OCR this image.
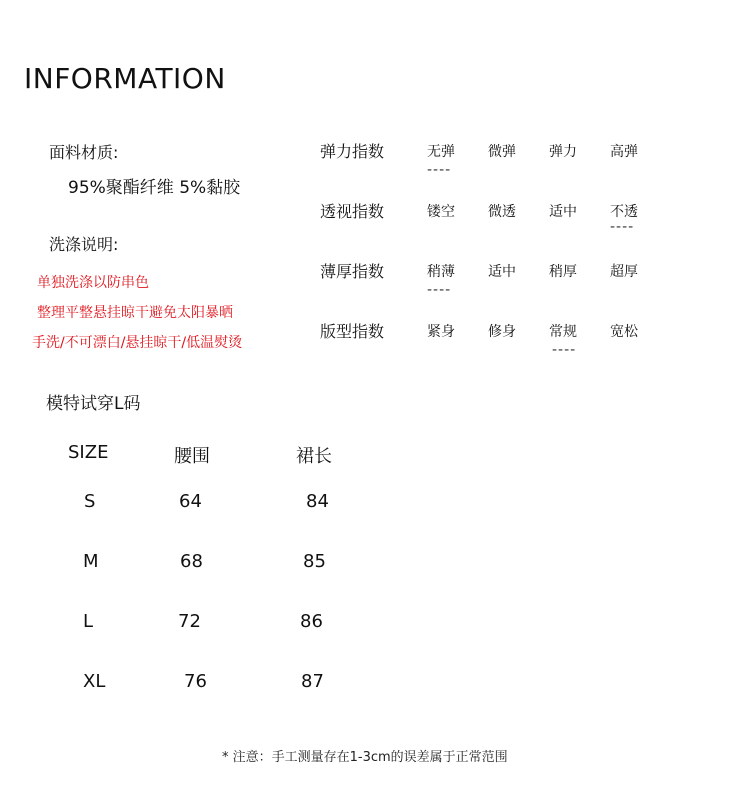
INFORMATION
面料材质:
95%聚酯纤维 5%黏胶
洗涤说明:
单独洗涤以防串色
整理平整悬挂晾干避免太阳暴晒
手洗/不可漂白/悬挂晾干/低温熨烫
弹力指数	无弹 微弹 弹力 高弹
----
透视指数	镂空 微透 适中 不透
----
薄厚指数	稍薄 适中 稍厚 超厚
----
版型指数	紧身 修身 常规 宽松
----
模特试穿L码
SIZE	腰围	裙长
S	64	84
M	68	85
L	72	86
XL	76	87
* 注意：手工测量存在1-3cm的误差属于正常范围
